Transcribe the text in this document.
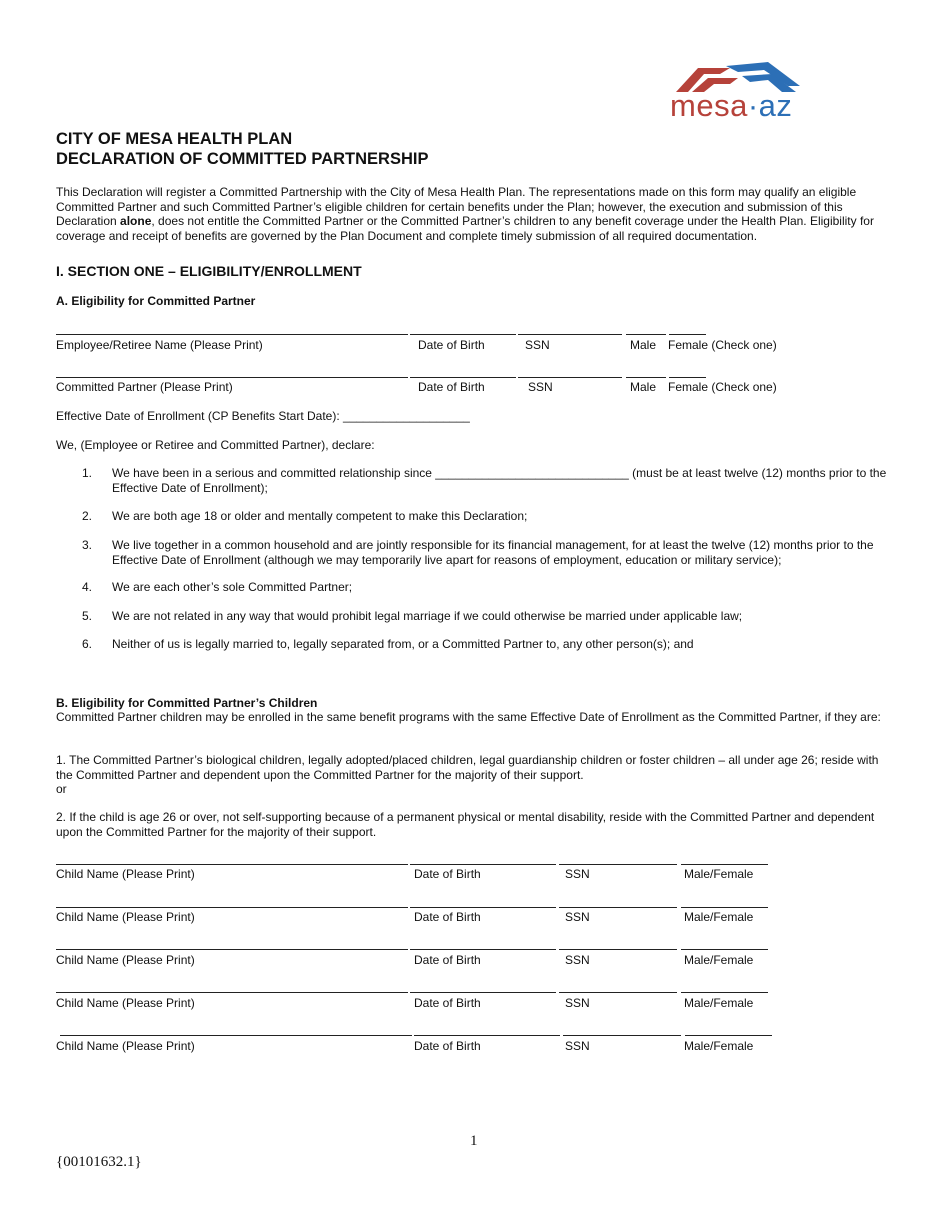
mesa·az
CITY OF MESA HEALTH PLAN
DECLARATION OF COMMITTED PARTNERSHIP
This Declaration will register a Committed Partnership with the City of Mesa Health Plan. The representations made on this form may qualify an eligible Committed Partner and such Committed Partner’s eligible children for certain benefits under the Plan; however, the execution and submission of this Declaration alone, does not entitle the Committed Partner or the Committed Partner’s children to any benefit coverage under the Health Plan. Eligibility for coverage and receipt of benefits are governed by the Plan Document and complete timely submission of all required documentation.
I. SECTION ONE – ELIGIBILITY/ENROLLMENT
A. Eligibility for Committed Partner
Employee/Retiree Name (Please Print)	Date of Birth	SSN	Male Female (Check one)
Committed Partner (Please Print)	Date of Birth	SSN	Male Female (Check one)
Effective Date of Enrollment (CP Benefits Start Date): ___________________
We, (Employee or Retiree and Committed Partner), declare:
1. We have been in a serious and committed relationship since _____________________________ (must be at least twelve (12) months prior to the Effective Date of Enrollment);
2. We are both age 18 or older and mentally competent to make this Declaration;
3. We live together in a common household and are jointly responsible for its financial management, for at least the twelve (12) months prior to the Effective Date of Enrollment (although we may temporarily live apart for reasons of employment, education or military service);
4. We are each other’s sole Committed Partner;
5. We are not related in any way that would prohibit legal marriage if we could otherwise be married under applicable law;
6. Neither of us is legally married to, legally separated from, or a Committed Partner to, any other person(s); and
B. Eligibility for Committed Partner’s Children
Committed Partner children may be enrolled in the same benefit programs with the same Effective Date of Enrollment as the Committed Partner, if they are:
1. The Committed Partner’s biological children, legally adopted/placed children, legal guardianship children or foster children – all under age 26; reside with the Committed Partner and dependent upon the Committed Partner for the majority of their support.
or
2. If the child is age 26 or over, not self-supporting because of a permanent physical or mental disability, reside with the Committed Partner and dependent upon the Committed Partner for the majority of their support.
Child Name (Please Print)	Date of Birth	SSN	Male/Female
Child Name (Please Print)	Date of Birth	SSN	Male/Female
Child Name (Please Print)	Date of Birth	SSN	Male/Female
Child Name (Please Print)	Date of Birth	SSN	Male/Female
Child Name (Please Print)	Date of Birth	SSN	Male/Female
1
{00101632.1}
